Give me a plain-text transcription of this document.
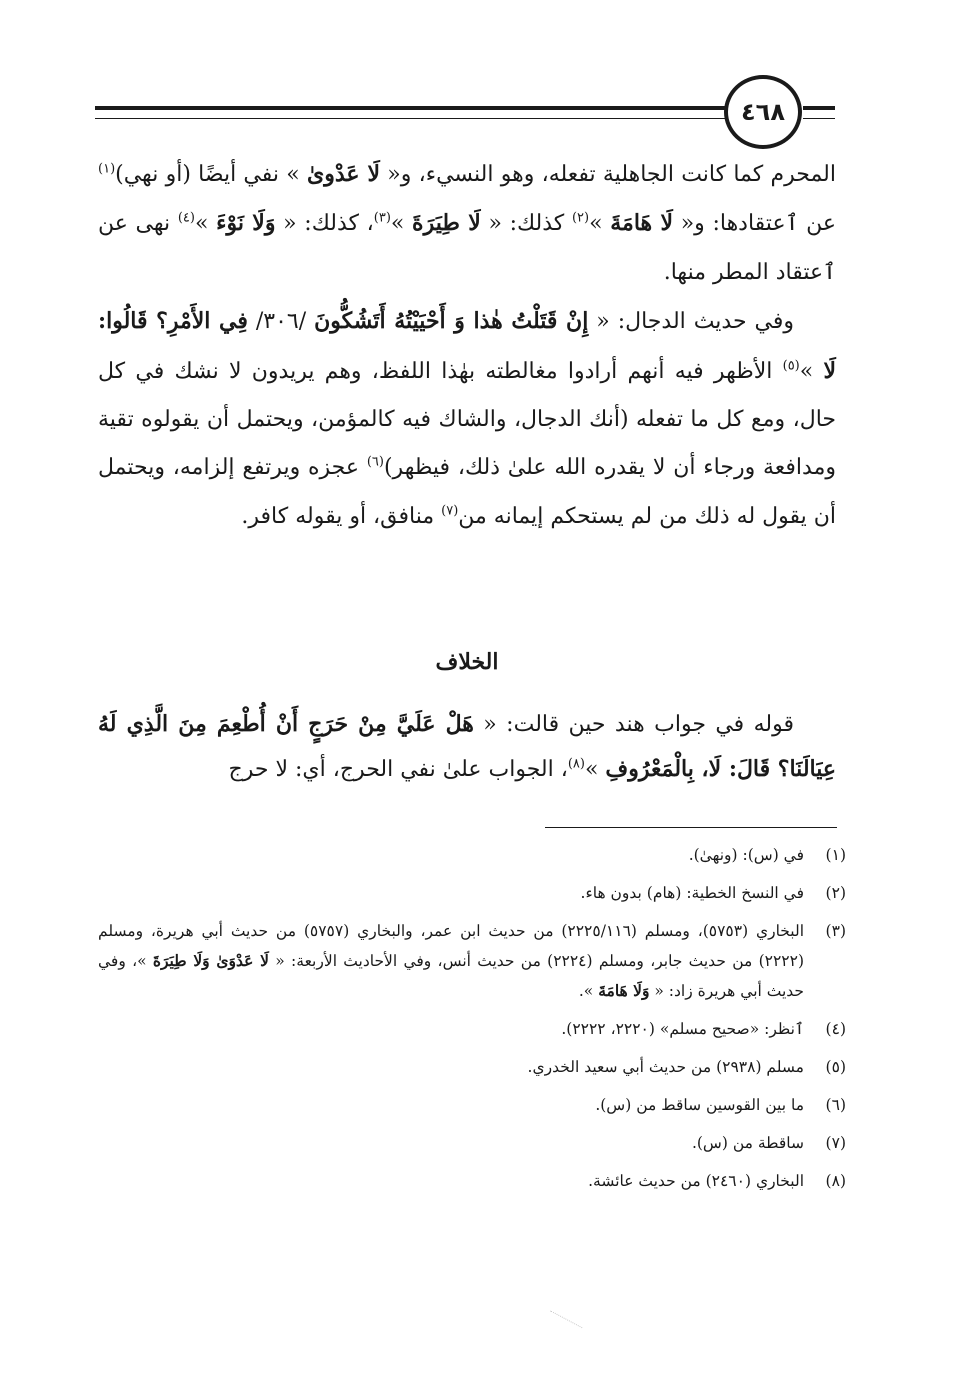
٤٦٨

المحرم كما كانت الجاهلية تفعله، وهو النسيء، و« لَا عَدْوىٰ » نفي أيضًا (أو نهي)$^{(١)}$ عن ٱعتقادها: و« لَا هَامَةَ »$^{(٢)}$ كذلك: « لَا طِيَرَةَ »$^{(٣)}$، كذلك: « وَلَا نَوْءَ »$^{(٤)}$ نهى عن ٱعتقاد المطر منها.

وفي حديث الدجال: « إِنْ قَتَلْتُ هٰذا وَ أَحْيَيْتُهُ أَتَشُكُّونَ /٣٠٦/ فِي الأَمْرِ؟ قَالُوا: لَا »$^{(٥)}$ الأظهر فيه أنهم أرادوا مغالطته بهٰذا اللفظ، وهم يريدون لا نشك في كل حال، ومع كل ما تفعله (أنك الدجال، والشاك فيه كالمؤمن، ويحتمل أن يقولوه تقية ومدافعة ورجاء أن لا يقدره الله علىٰ ذلك، فيظهر)$^{(٦)}$ عجزه ويرتفع إلزامه، ويحتمل أن يقول له ذلك من لم يستحكم إيمانه من$^{(٧)}$ منافق، أو يقوله كافر.

الخلاف

قوله في جواب هند حين قالت: « هَلْ عَلَيَّ مِنْ حَرَجٍ أَنْ أُطْعِمَ مِنَ الَّذِي لَهُ عِيَالَنَا؟ قَالَ: لَا، بِالْمَعْرُوفِ »$^{(٨)}$، الجواب علىٰ نفي الحرج، أي: لا حرج

(١)
في (س): (ونهىٰ).
(٢)
في النسخ الخطية: (هام) بدون هاء.
(٣)
البخاري (٥٧٥٣)، ومسلم (٢٢٢٥/١١٦) من حديث ابن عمر، والبخاري (٥٧٥٧) من حديث أبي هريرة، ومسلم (٢٢٢٢) من حديث جابر، ومسلم (٢٢٢٤) من حديث أنس، وفي الأحاديث الأربعة: « لَا عَدْوَىٰ وَلَا طِيَرَةَ »، وفي حديث أبي هريرة زاد: « وَلَا هَامَةَ ».
(٤)
ٱنظر: «صحيح مسلم» (٢٢٢٠، ٢٢٢٢).
(٥)
مسلم (٢٩٣٨) من حديث أبي سعيد الخدري.
(٦)
ما بين القوسين ساقط من (س).
(٧)
ساقطة من (س).
(٨)
البخاري (٢٤٦٠) من حديث عائشة.
